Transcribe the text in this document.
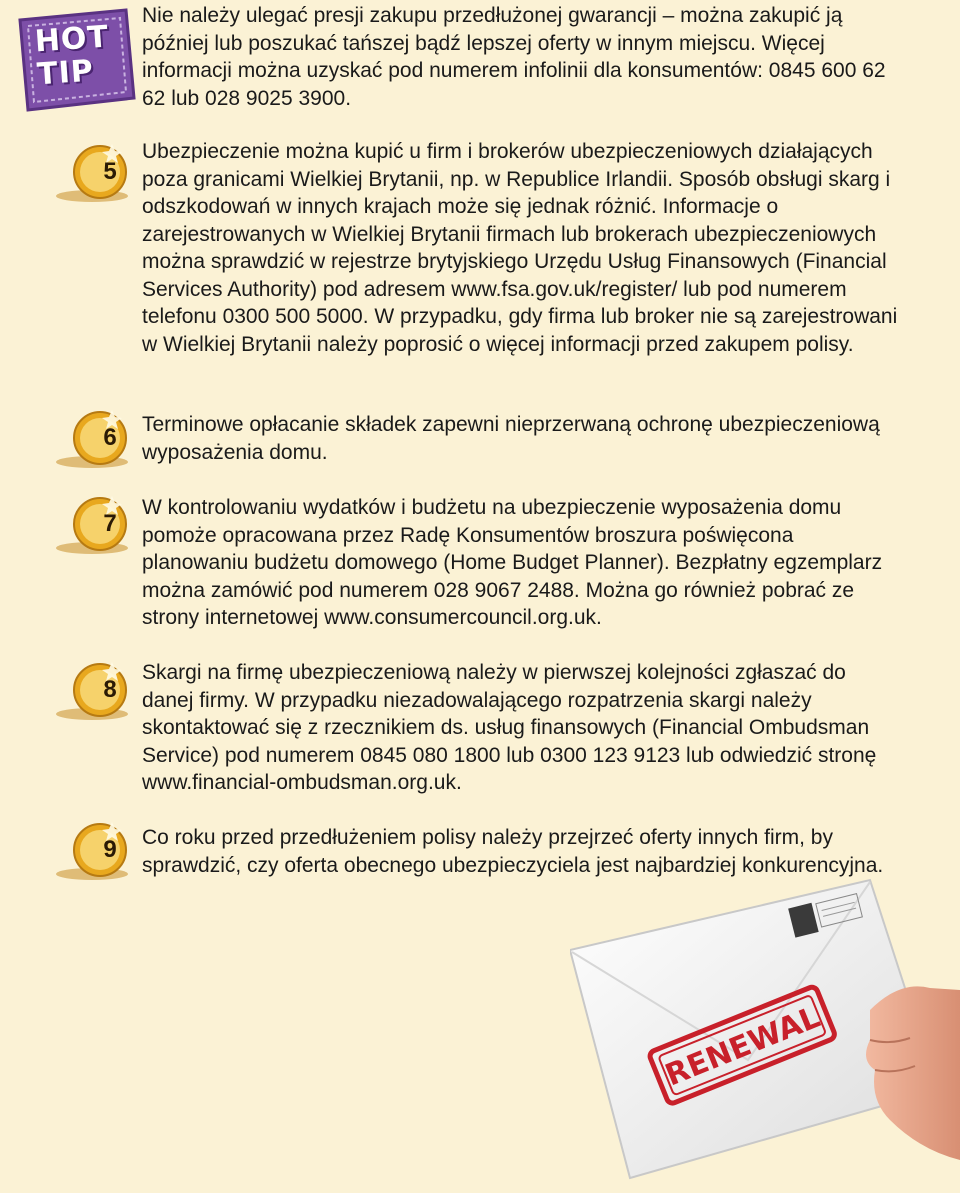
HOT TIP

Nie należy ulegać presji zakupu przedłużonej gwarancji – można zakupić ją później lub poszukać tańszej bądź lepszej oferty w innym miejscu. Więcej informacji można uzyskać pod numerem infolinii dla konsumentów: 0845 600 62 62 lub 028 9025 3900.

5

Ubezpieczenie można kupić u firm i brokerów ubezpieczeniowych działających poza granicami Wielkiej Brytanii, np. w Republice Irlandii. Sposób obsługi skarg i odszkodowań w innych krajach może się jednak różnić. Informacje o zarejestrowanych w Wielkiej Brytanii firmach lub brokerach ubezpieczeniowych można sprawdzić w rejestrze brytyjskiego Urzędu Usług Finansowych (Financial Services Authority) pod adresem www.fsa.gov.uk/register/ lub pod numerem telefonu 0300 500 5000. W przypadku, gdy firma lub broker nie są zarejestrowani w Wielkiej Brytanii należy poprosić o więcej informacji przed zakupem polisy.

6	Terminowe opłacanie składek zapewni nieprzerwaną ochronę ubezpieczeniową wyposażenia domu.

7

W kontrolowaniu wydatków i budżetu na ubezpieczenie wyposażenia domu pomoże opracowana przez Radę Konsumentów broszura poświęcona planowaniu budżetu domowego (Home Budget Planner). Bezpłatny egzemplarz można zamówić pod numerem 028 9067 2488. Można go również pobrać ze strony internetowej www.consumercouncil.org.uk.

8

Skargi na firmę ubezpieczeniową należy w pierwszej kolejności zgłaszać do danej firmy. W przypadku niezadowalającego rozpatrzenia skargi należy skontaktować się z rzecznikiem ds. usług finansowych (Financial Ombudsman Service) pod numerem 0845 080 1800 lub 0300 123 9123 lub odwiedzić stronę www.financial-ombudsman.org.uk.

9	Co roku przed przedłużeniem polisy należy przejrzeć oferty innych firm, by sprawdzić, czy oferta obecnego ubezpieczyciela jest najbardziej konkurencyjna.

RENEWAL
